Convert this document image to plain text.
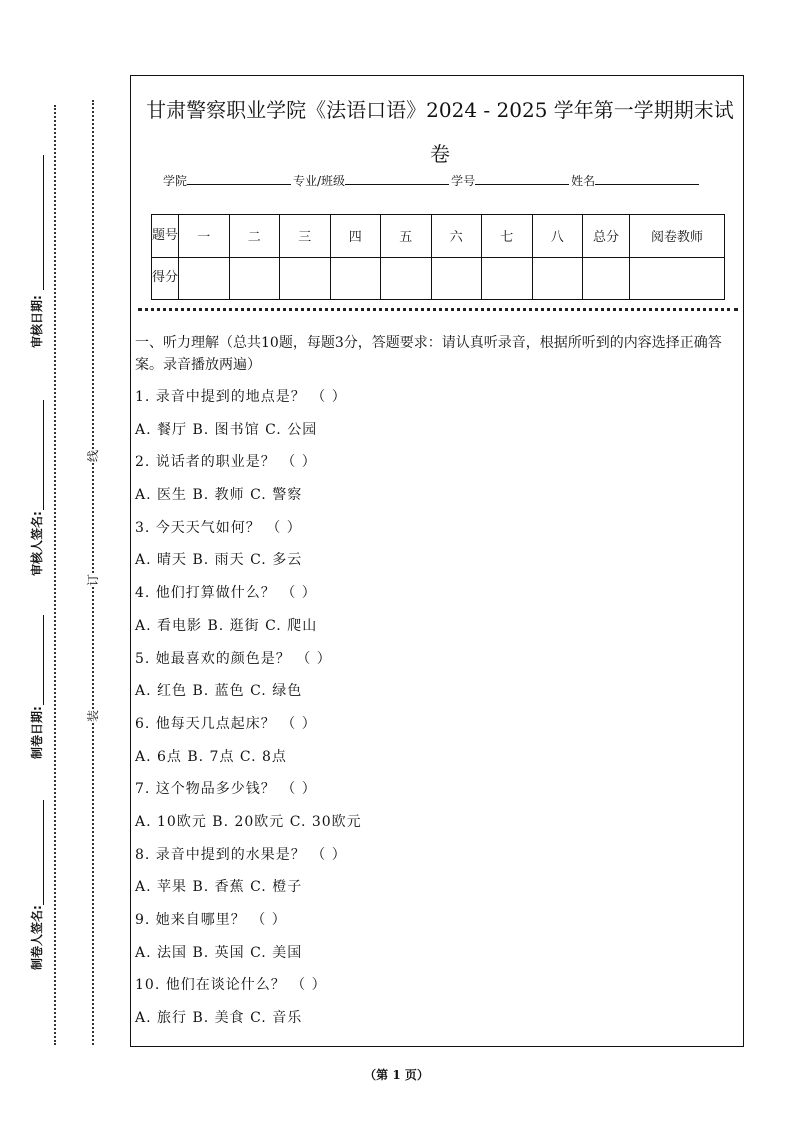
审核日期:
审核人签名:
制卷日期:
制卷人签名:
线
订
装
甘肃警察职业学院《法语口语》2024 - 2025 学年第一学期期末试
卷
学院	专业/班级	学号	姓名
题号	一	二	三	四	五	六	七	八	总分	阅卷教师
得分										
一、听力理解（总共10题，每题3分，答题要求：请认真听录音，根据所听到的内容选择正确答案。录音播放两遍）
1. 录音中提到的地点是？ （ ）
A. 餐厅 B. 图书馆 C. 公园
2. 说话者的职业是？ （ ）
A. 医生 B. 教师 C. 警察
3. 今天天气如何？ （ ）
A. 晴天 B. 雨天 C. 多云
4. 他们打算做什么？ （ ）
A. 看电影 B. 逛街 C. 爬山
5. 她最喜欢的颜色是？ （ ）
A. 红色 B. 蓝色 C. 绿色
6. 他每天几点起床？ （ ）
A. 6点 B. 7点 C. 8点
7. 这个物品多少钱？ （ ）
A. 10欧元 B. 20欧元 C. 30欧元
8. 录音中提到的水果是？ （ ）
A. 苹果 B. 香蕉 C. 橙子
9. 她来自哪里？ （ ）
A. 法国 B. 英国 C. 美国
10. 他们在谈论什么？ （ ）
A. 旅行 B. 美食 C. 音乐
（第 1 页）
